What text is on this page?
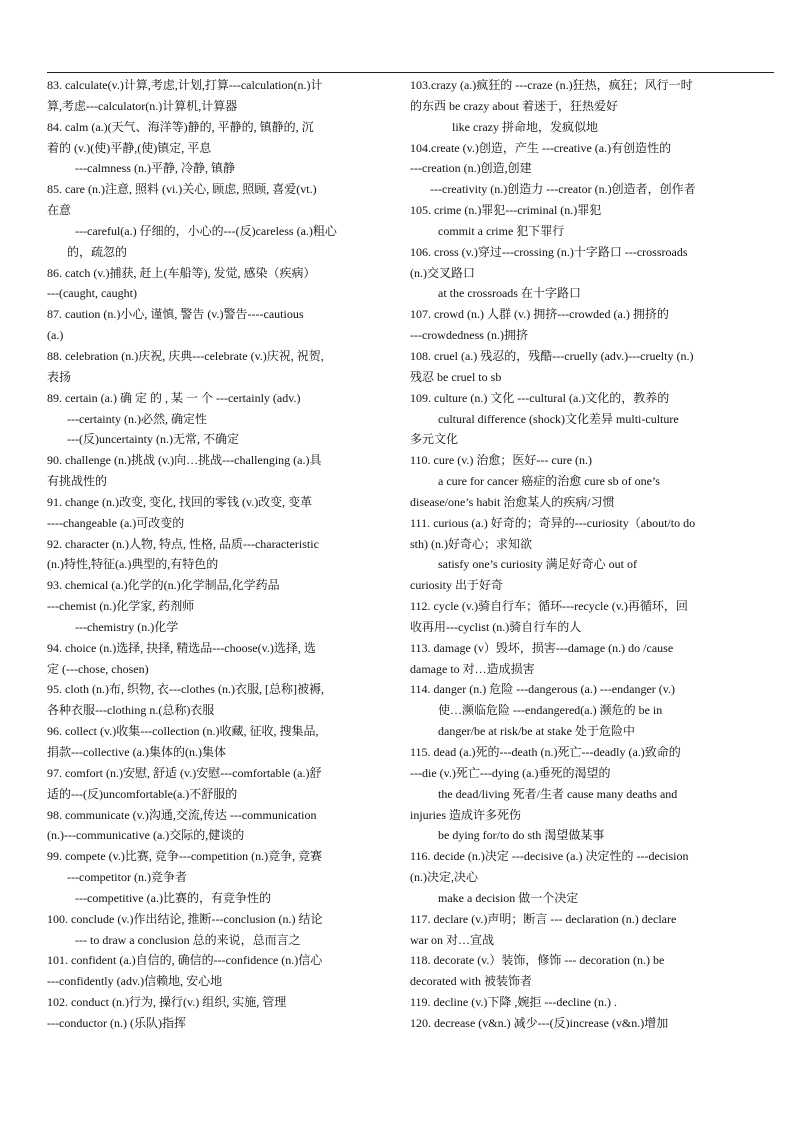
83. calculate(v.)计算,考虑,计划,打算---calculation(n.)计
算,考虑---calculator(n.)计算机,计算器
84. calm (a.)(天气、海洋等)静的, 平静的, 镇静的, 沉
着的 (v.)(使)平静,(使)镇定, 平息
---calmness (n.)平静, 冷静, 镇静
85. care (n.)注意, 照料 (vi.)关心, 顾虑, 照顾, 喜爱(vt.)
在意
---careful(a.) 仔细的，小心的---(反)careless (a.)粗心
的，疏忽的
86. catch (v.)捕获, 赶上(车船等), 发觉, 感染（疾病）
---(caught, caught)
87. caution (n.)小心, 谨慎, 警告 (v.)警告----cautious
(a.)
88. celebration (n.)庆祝, 庆典---celebrate (v.)庆祝, 祝贺,
表扬
89. certain (a.) 确 定 的 , 某 一 个 ---certainly (adv.)
---certainty (n.)必然, 确定性
---(反)uncertainty (n.)无常, 不确定
90. challenge (n.)挑战 (v.)向…挑战---challenging (a.)具
有挑战性的
91. change (n.)改变, 变化, 找回的零钱 (v.)改变, 变革
----changeable (a.)可改变的
92. character (n.)人物, 特点, 性格, 品质---characteristic
(n.)特性,特征(a.)典型的,有特色的
93. chemical (a.)化学的(n.)化学制品,化学药品
---chemist (n.)化学家, 药剂师
---chemistry (n.)化学
94. choice (n.)选择, 抉择, 精选品---choose(v.)选择, 选
定 (---chose, chosen)
95. cloth (n.)布, 织物, 衣---clothes (n.)衣服, [总称]被褥,
各种衣服---clothing n.(总称)衣服
96. collect (v.)收集---collection (n.)收藏, 征收, 搜集品,
捐款---collective (a.)集体的(n.)集体
97. comfort (n.)安慰, 舒适 (v.)安慰---comfortable (a.)舒
适的---(反)uncomfortable(a.)不舒服的
98. communicate (v.)沟通,交流,传达 ---communication
(n.)---communicative (a.)交际的,健谈的
99. compete (v.)比赛, 竞争---competition (n.)竞争, 竞赛
---competitor (n.)竞争者
---competitive (a.)比赛的，有竞争性的
100. conclude (v.)作出结论, 推断---conclusion (n.) 结论
--- to draw a conclusion 总的来说，总而言之
101. confident (a.)自信的, 确信的---confidence (n.)信心
---confidently (adv.)信赖地, 安心地
102. conduct (n.)行为, 操行(v.) 组织, 实施, 管理
---conductor (n.) (乐队)指挥
103.crazy (a.)疯狂的 ---craze (n.)狂热，疯狂；风行一时
的东西 be crazy about 着迷于，狂热爱好
like crazy 拼命地，发疯似地
104.create (v.)创造，产生 ---creative (a.)有创造性的
---creation (n.)创造,创建
---creativity (n.)创造力 ---creator (n.)创造者，创作者
105. crime (n.)罪犯---criminal (n.)罪犯
commit a crime 犯下罪行
106. cross (v.)穿过---crossing (n.)十字路口 ---crossroads
(n.)交叉路口
at the crossroads 在十字路口
107. crowd (n.) 人群 (v.) 拥挤---crowded (a.) 拥挤的
---crowdedness (n.)拥挤
108. cruel (a.) 残忍的，残酷---cruelly (adv.)---cruelty (n.)
残忍 be cruel to sb
109. culture (n.) 文化 ---cultural (a.)文化的，教养的
cultural difference (shock)文化差异 multi-culture
多元文化
110. cure (v.) 治愈；医好--- cure (n.)
a cure for cancer 癌症的治愈 cure sb of one’s
disease/one’s habit 治愈某人的疾病/习惯
111. curious (a.) 好奇的；奇异的---curiosity（about/to do
sth) (n.)好奇心；求知欲
satisfy one’s curiosity 满足好奇心 out of
curiosity 出于好奇
112. cycle (v.)骑自行车；循环---recycle (v.)再循环，回
收再用---cyclist (n.)骑自行车的人
113. damage (v）毁坏，损害---damage (n.) do /cause
damage to 对…造成损害
114. danger (n.) 危险 ---dangerous (a.) ---endanger (v.)
使…濒临危险 ---endangered(a.) 濒危的 be in
danger/be at risk/be at stake 处于危险中
115. dead (a.)死的---death (n.)死亡---deadly (a.)致命的
---die (v.)死亡---dying (a.)垂死的渴望的
the dead/living 死者/生者 cause many deaths and
injuries 造成许多死伤
be dying for/to do sth 渴望做某事
116. decide (n.)决定 ---decisive (a.) 决定性的 ---decision
(n.)决定,决心
make a decision 做一个决定
117. declare (v.)声明；断言 --- declaration (n.) declare
war on 对…宣战
118. decorate (v.）装饰，修饰 --- decoration (n.) be
decorated with 被装饰者
119. decline (v.)下降 ,婉拒 ---decline (n.) .
120. decrease (v&n.) 减少---(反)increase (v&n.)增加
